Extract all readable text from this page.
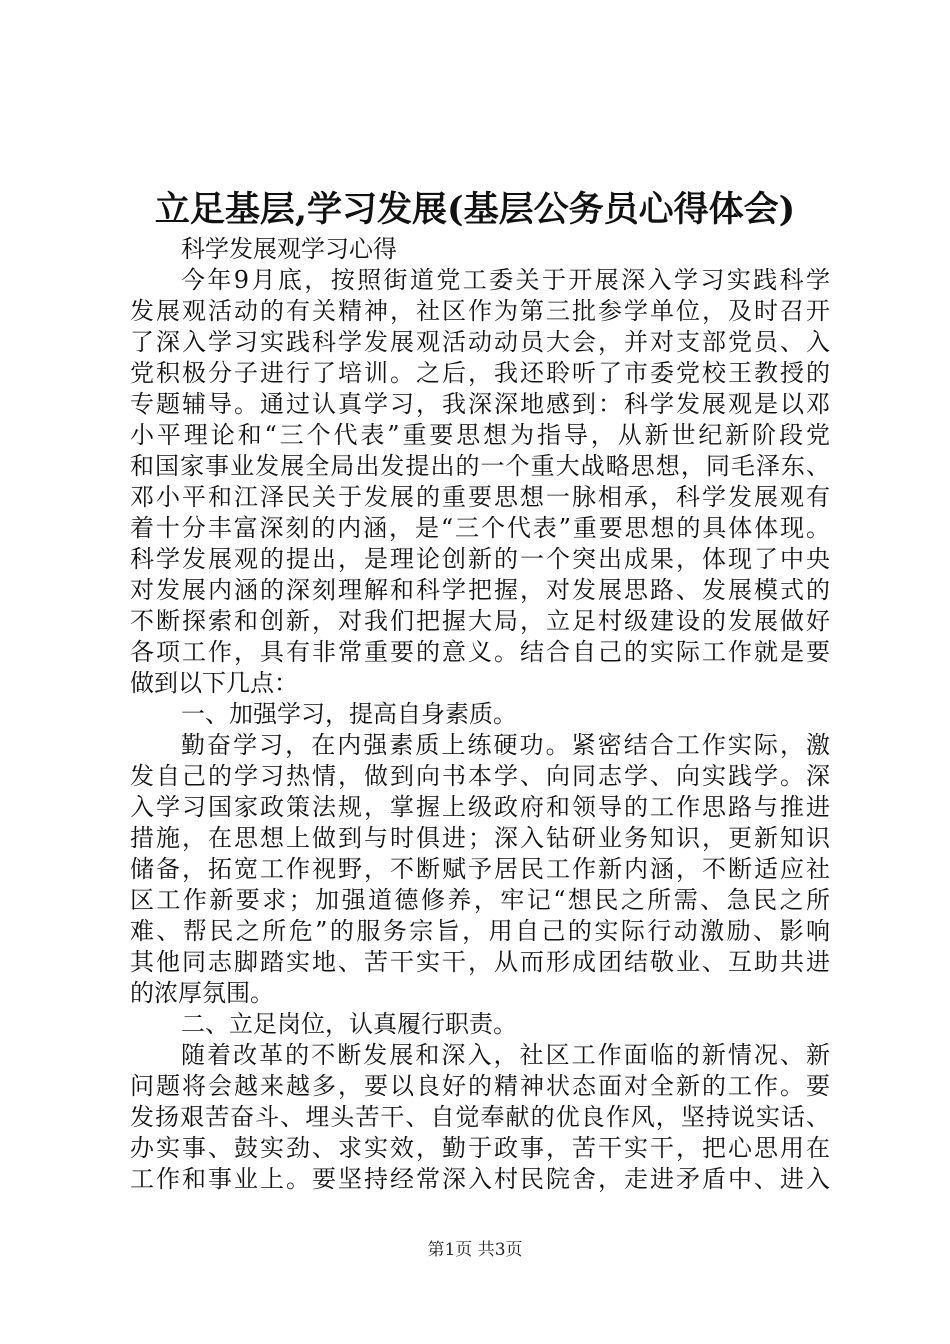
立足基层,学习发展(基层公务员心得体会)
科学发展观学习心得
今年9月底，按照街道党工委关于开展深入学习实践科学
发展观活动的有关精神，社区作为第三批参学单位，及时召开
了深入学习实践科学发展观活动动员大会，并对支部党员、入
党积极分子进行了培训。之后，我还聆听了市委党校王教授的
专题辅导。通过认真学习，我深深地感到：科学发展观是以邓
小平理论和“三个代表”重要思想为指导，从新世纪新阶段党
和国家事业发展全局出发提出的一个重大战略思想，同毛泽东、
邓小平和江泽民关于发展的重要思想一脉相承，科学发展观有
着十分丰富深刻的内涵，是“三个代表”重要思想的具体体现。
科学发展观的提出，是理论创新的一个突出成果，体现了中央
对发展内涵的深刻理解和科学把握，对发展思路、发展模式的
不断探索和创新，对我们把握大局，立足村级建设的发展做好
各项工作，具有非常重要的意义。结合自己的实际工作就是要
做到以下几点：
一、加强学习，提高自身素质。
勤奋学习，在内强素质上练硬功。紧密结合工作实际，激
发自己的学习热情，做到向书本学、向同志学、向实践学。深
入学习国家政策法规，掌握上级政府和领导的工作思路与推进
措施，在思想上做到与时俱进；深入钻研业务知识，更新知识
储备，拓宽工作视野，不断赋予居民工作新内涵，不断适应社
区工作新要求；加强道德修养，牢记“想民之所需、急民之所
难、帮民之所危”的服务宗旨，用自己的实际行动激励、影响
其他同志脚踏实地、苦干实干，从而形成团结敬业、互助共进
的浓厚氛围。
二、立足岗位，认真履行职责。
随着改革的不断发展和深入，社区工作面临的新情况、新
问题将会越来越多，要以良好的精神状态面对全新的工作。要
发扬艰苦奋斗、埋头苦干、自觉奉献的优良作风，坚持说实话、
办实事、鼓实劲、求实效，勤于政事，苦干实干，把心思用在
工作和事业上。要坚持经常深入村民院舍，走进矛盾中、进入
第1页 共3页
